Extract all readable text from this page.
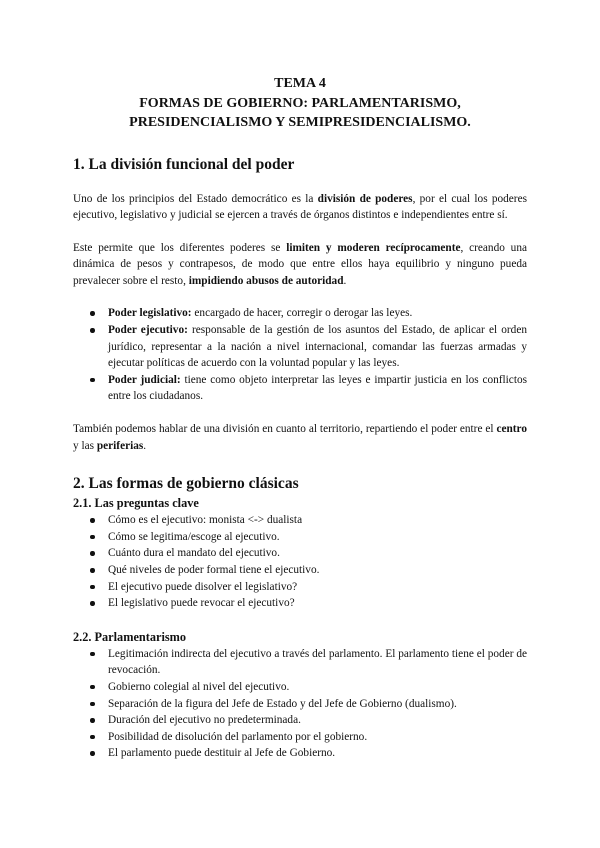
TEMA 4
FORMAS DE GOBIERNO: PARLAMENTARISMO,
PRESIDENCIALISMO Y SEMIPRESIDENCIALISMO.
1. La división funcional del poder

Uno de los principios del Estado democrático es la división de poderes, por el cual los poderes ejecutivo, legislativo y judicial se ejercen a través de órganos distintos e independientes entre sí.

Este permite que los diferentes poderes se limiten y moderen recíprocamente, creando una dinámica de pesos y contrapesos, de modo que entre ellos haya equilibrio y ninguno pueda prevalecer sobre el resto, impidiendo abusos de autoridad.

Poder legislativo: encargado de hacer, corregir o derogar las leyes.
Poder ejecutivo: responsable de la gestión de los asuntos del Estado, de aplicar el orden jurídico, representar a la nación a nivel internacional, comandar las fuerzas armadas y ejecutar políticas de acuerdo con la voluntad popular y las leyes.
Poder judicial: tiene como objeto interpretar las leyes e impartir justicia en los conflictos entre los ciudadanos.

También podemos hablar de una división en cuanto al territorio, repartiendo el poder entre el centro y las periferias.

2. Las formas de gobierno clásicas
2.1. Las preguntas clave
Cómo es el ejecutivo: monista <-> dualista
Cómo se legitima/escoge al ejecutivo.
Cuánto dura el mandato del ejecutivo.
Qué niveles de poder formal tiene el ejecutivo.
El ejecutivo puede disolver el legislativo?
El legislativo puede revocar el ejecutivo?
2.2. Parlamentarismo
Legitimación indirecta del ejecutivo a través del parlamento. El parlamento tiene el poder de revocación.
Gobierno colegial al nivel del ejecutivo.
Separación de la figura del Jefe de Estado y del Jefe de Gobierno (dualismo).
Duración del ejecutivo no predeterminada.
Posibilidad de disolución del parlamento por el gobierno.
El parlamento puede destituir al Jefe de Gobierno.
